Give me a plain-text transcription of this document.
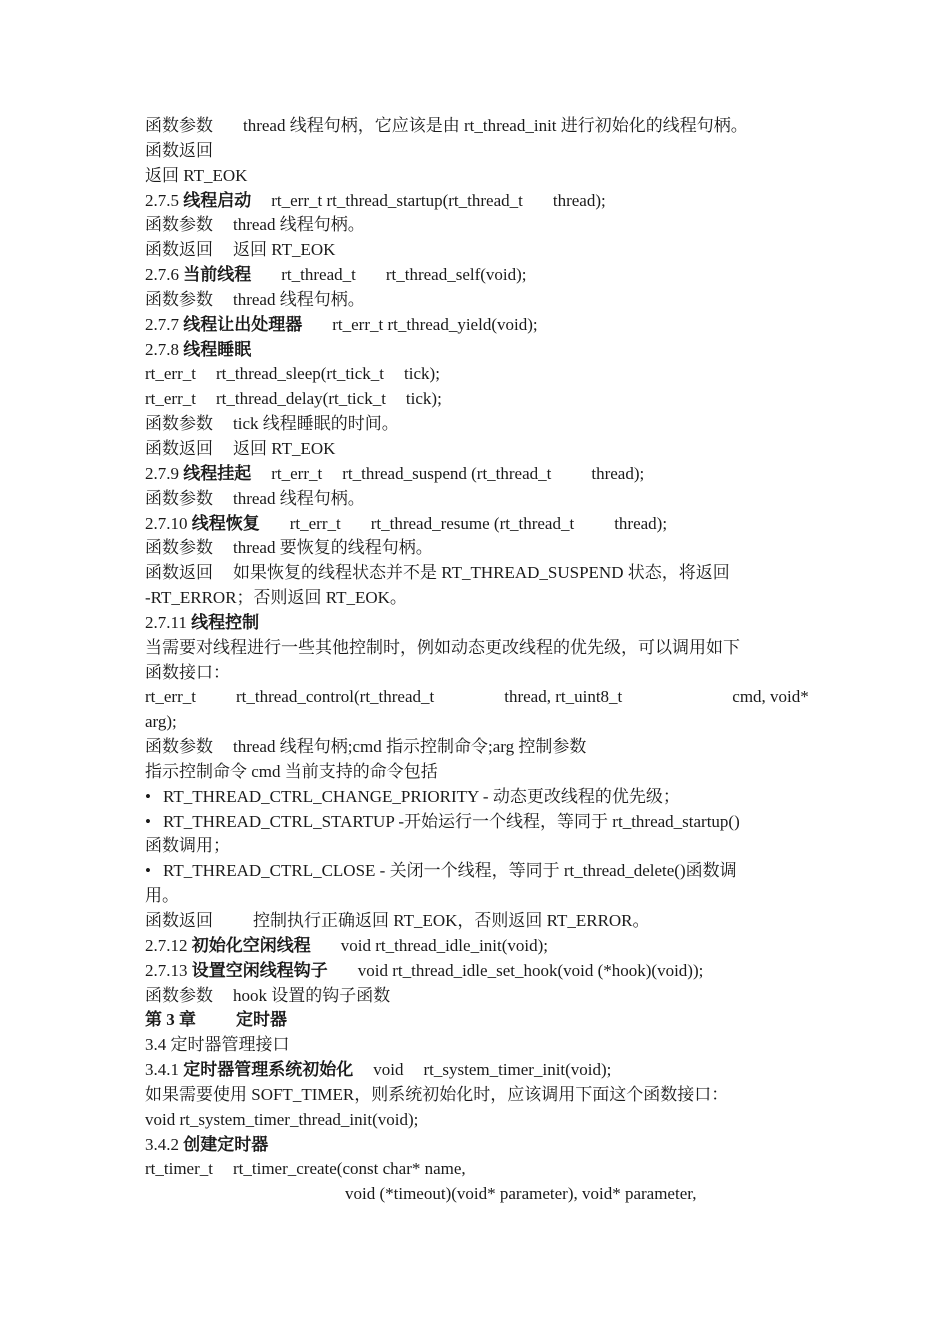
函数参数 thread 线程句柄，它应该是由 rt_thread_init 进行初始化的线程句柄。
函数返回
返回 RT_EOK
2.7.5 线程启动 rt_err_t rt_thread_startup(rt_thread_t thread);
函数参数 thread 线程句柄。
函数返回 返回 RT_EOK
2.7.6 当前线程 rt_thread_t rt_thread_self(void);
函数参数 thread 线程句柄。
2.7.7 线程让出处理器 rt_err_t rt_thread_yield(void);
2.7.8 线程睡眠
rt_err_t rt_thread_sleep(rt_tick_t tick);
rt_err_t rt_thread_delay(rt_tick_t tick);
函数参数 tick 线程睡眠的时间。
函数返回 返回 RT_EOK
2.7.9 线程挂起 rt_err_t rt_thread_suspend (rt_thread_t thread);
函数参数 thread 线程句柄。
2.7.10 线程恢复 rt_err_t rt_thread_resume (rt_thread_t thread);
函数参数 thread 要恢复的线程句柄。
函数返回 如果恢复的线程状态并不是 RT_THREAD_SUSPEND 状态，将返回
-RT_ERROR；否则返回 RT_EOK。
2.7.11 线程控制
当需要对线程进行一些其他控制时，例如动态更改线程的优先级，可以调用如下
函数接口：
rt_err_t rt_thread_control(rt_thread_t	thread, rt_uint8_t	cmd, void*
arg);
函数参数 thread 线程句柄;cmd 指示控制命令;arg 控制参数
指示控制命令 cmd 当前支持的命令包括
• RT_THREAD_CTRL_CHANGE_PRIORITY - 动态更改线程的优先级；
• RT_THREAD_CTRL_STARTUP -开始运行一个线程，等同于 rt_thread_startup()
函数调用；
• RT_THREAD_CTRL_CLOSE - 关闭一个线程，等同于 rt_thread_delete()函数调
用。
函数返回 控制执行正确返回 RT_EOK，否则返回 RT_ERROR。
2.7.12 初始化空闲线程 void rt_thread_idle_init(void);
2.7.13 设置空闲线程钩子 void rt_thread_idle_set_hook(void (*hook)(void));
函数参数 hook 设置的钩子函数
第 3 章 定时器
3.4 定时器管理接口
3.4.1 定时器管理系统初始化 void rt_system_timer_init(void);
如果需要使用 SOFT_TIMER，则系统初始化时，应该调用下面这个函数接口：
void rt_system_timer_thread_init(void);
3.4.2 创建定时器
rt_timer_t rt_timer_create(const char* name,
void (*timeout)(void* parameter), void* parameter,
